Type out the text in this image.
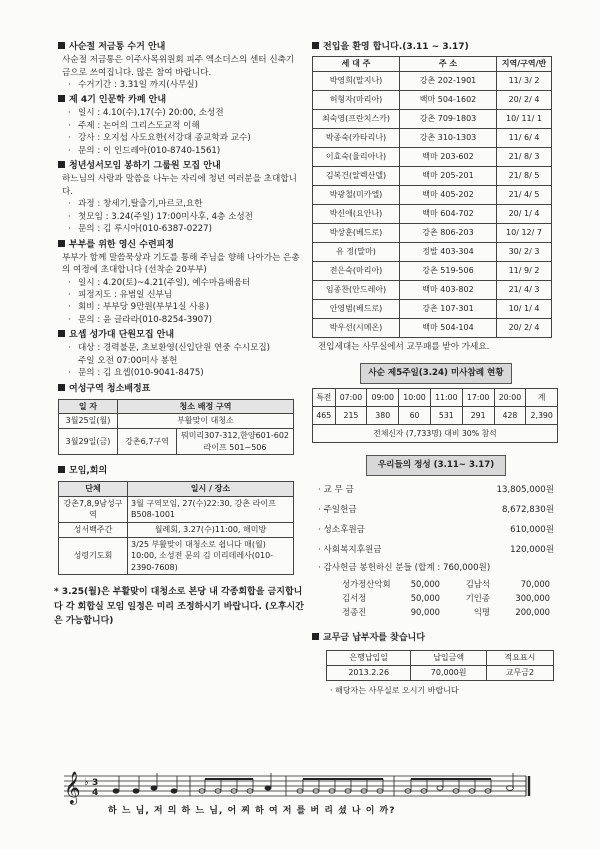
사순절 저금통 수거 안내
사순절 저금통은 이주사목위원회 피주 엑소더스의 센터 신축기금으로 쓰여집니다. 많은 참여 바랍니다.
· 수거기간 : 3.31일 까지(사무실)
제 4기 인문학 카페 안내
· 일시 : 4.10(수),17(수) 20:00, 소성전
· 주제 : 논어의 그리스도교적 이해
· 강사 : 오지섭 사도요한(서강대 종교학과 교수)
· 문의 : 이 인드레아(010-8740-1561)
청년성서모임 봉하기 그룹원 모집 안내
하느님의 사랑과 말씀을 나누는 자리에 청년 여러분을 초대합니다.
· 과정 : 창세기,탈출기,마르코,요한
· 첫모임 : 3.24(주일) 17:00미사후, 4층 소성전
· 문의 : 김 루시아(010-6387-0227)
부부를 위한 영신 수련피정
부부가 함께 말씀묵상과 기도를 통해 주님을 향해 나아가는 은총의 여정에 초대합니다 (선착순 20부부)
· 일시 : 4.20(토)~4.21(주일), 예수마음배움터
· 피정지도 : 유범일 신부님
· 회비 : 부부당 9만원(부부1실 사용)
· 문의 : 윤 글라라(010-8254-3907)
요셉 성가대 단원모집 안내
· 대상 : 경력불문, 초보환영(신입단원 연중 수시모집)
주일 오전 07:00미사 봉헌
· 문의 : 김 요셉(010-9041-8475)
여성구역 청소배정표
일 자	청소 배정 구역	
3월25일(월)	부활맞이 대청소	
3월29일(금)	강촌6,7구역	뭐미리307-312,한양601-602 라이프 501~506
모임,회의
단체	일시 / 장소
강촌7,8,9남성구역	3월 구역모임, 27(수)22:30, 강촌 라이프B508-1001
성서백주간	월례회, 3.27(수)11:00, 해미방
성령기도회	3/25 부활맞이 대청소로 쉽니다 매(월) 10:00, 소성전 문의 김 미리데레사(010-2390-7608)
* 3.25(월)은 부활맞이 대청소로 본당 내 각종회합을 금지합니다 각 회합실 모임 일정은 미리 조정하시기 바랍니다. (오후시간은 가능합니다)
전입을 환영 합니다.(3.11 ~ 3.17)
세 대 주	주 소	지역/구역/반
박영희(말지나)	강촌 202-1901	11/ 3/ 2
허형자(마리아)	백마 504-1602	20/ 2/ 4
최숙영(프란치스카)	강촌 709-1803	10/ 11/ 1
박종숙(카타리나)	강촌 310-1303	11/ 6/ 4
이효숙(율리아나)	백마 203-602	21/ 8/ 3
김복건(알렉산델)	백마 205-201	21/ 8/ 5
박광철(미카엘)	백마 405-202	21/ 4/ 5
박신애(요안나)	백마 604-702	20/ 1/ 4
박상훈(베드로)	강촌 806-203	10/ 12/ 7
유 정(말마)	정발 403-304	30/ 2/ 3
전은숙(마리아)	강촌 519-506	11/ 9/ 2
임종찬(안드레아)	백마 403-802	21/ 4/ 3
안영범(베드로)	강촌 107-301	10/ 1/ 4
박우선(시메온)	백마 504-104	20/ 2/ 4
전입세대는 사무실에서 교무패를 받아 가세요.
사순 제5주일(3.24) 미사참례 현황
특전	07:00	09:00	10:00	11:00	17:00	20:00	계
465	215	380	60	531	291	428	2,390
전체신자 (7,733명) 대비 30% 참석							
우리들의 정성 (3.11~ 3.17)
· 교 무 금	13,805,000원
· 주일헌금	8,672,830원
· 성소후원금	610,000원
· 사회복지후원금	120,000원
· 감사헌금 봉헌하신 분들 (합계 : 760,000원)
성가정산악회	50,000	김남석	70,000
김서정	50,000	기인종	300,000
정종진	90,000	익명	200,000
교무금 납부자를 찾습니다
은행납입일	납입금액	적요표시
2013.2.26	70,000원	교무금2
· 해당자는 사무실로 오시기 바랍니다
𝄞 ♭ 3
4
하 느 님, 저 의 하 느 님, 어 찌 하 여 저 를 버 리 셨 나 이 까?
